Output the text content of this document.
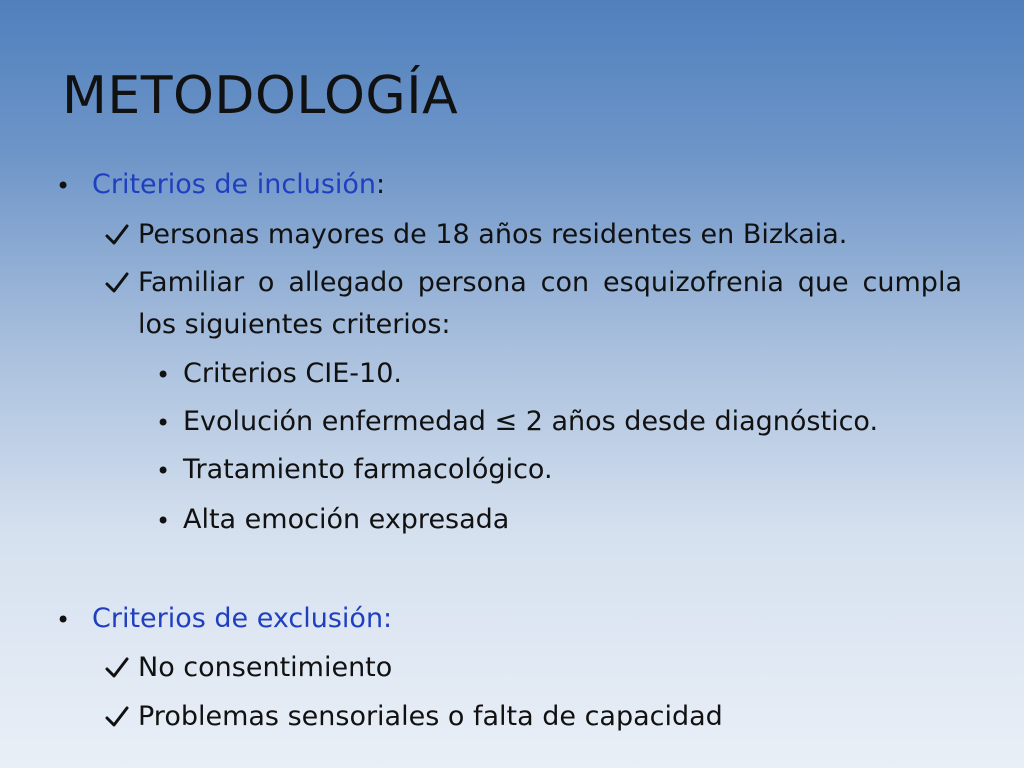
METODOLOGÍA
• Criterios de inclusión:
Personas mayores de 18 años residentes en Bizkaia.
Familiar o allegado persona con esquizofrenia que cumpla
los siguientes criterios:
• Criterios CIE-10.
• Evolución enfermedad ≤ 2 años desde diagnóstico.
• Tratamiento farmacológico.
• Alta emoción expresada
• Criterios de exclusión:
No consentimiento
Problemas sensoriales o falta de capacidad
